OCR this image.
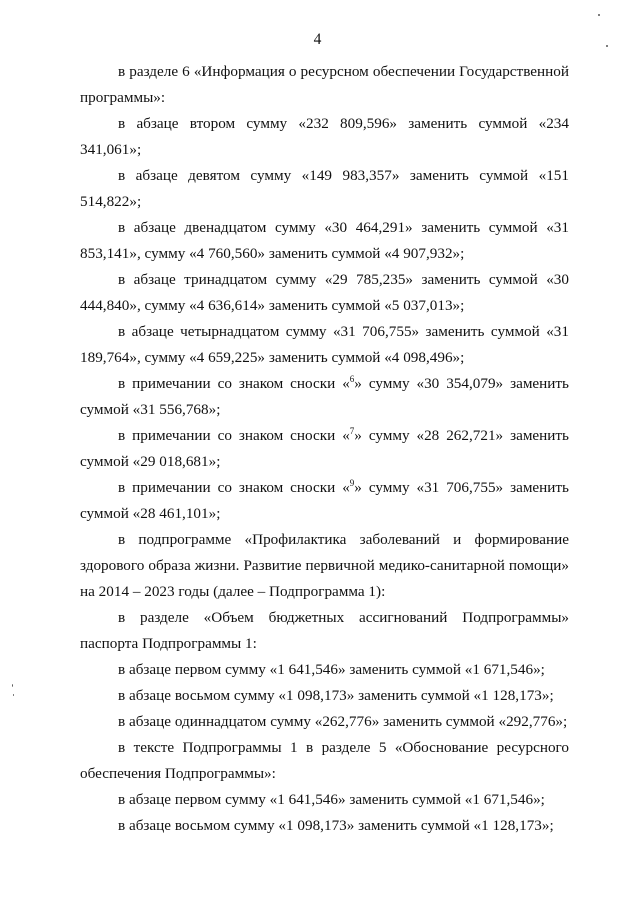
4

в разделе 6 «Информация о ресурсном обеспечении Государственной программы»:

в абзаце втором сумму «232 809,596» заменить суммой «234 341,061»;

в абзаце девятом сумму «149 983,357» заменить суммой «151 514,822»;

в абзаце двенадцатом сумму «30 464,291» заменить суммой «31 853,141», сумму «4 760,560» заменить суммой «4 907,932»;

в абзаце тринадцатом сумму «29 785,235» заменить суммой «30 444,840», сумму «4 636,614» заменить суммой «5 037,013»;

в абзаце четырнадцатом сумму «31 706,755» заменить суммой «31 189,764», сумму «4 659,225» заменить суммой «4 098,496»;

в примечании со знаком сноски «$^6$» сумму «30 354,079» заменить суммой «31 556,768»;

в примечании со знаком сноски «$^7$» сумму «28 262,721» заменить суммой «29 018,681»;

в примечании со знаком сноски «$^9$» сумму «31 706,755» заменить суммой «28 461,101»;

в подпрограмме «Профилактика заболеваний и формирование здорового образа жизни. Развитие первичной медико-санитарной помощи» на 2014 – 2023 годы (далее – Подпрограмма 1):

в разделе «Объем бюджетных ассигнований Подпрограммы» паспорта Подпрограммы 1:

в абзаце первом сумму «1 641,546» заменить суммой «1 671,546»;

в абзаце восьмом сумму «1 098,173» заменить суммой «1 128,173»;

в абзаце одиннадцатом сумму «262,776» заменить суммой «292,776»;

в тексте Подпрограммы 1 в разделе 5 «Обоснование ресурсного обеспечения Подпрограммы»:

в абзаце первом сумму «1 641,546» заменить суммой «1 671,546»;

в абзаце восьмом сумму «1 098,173» заменить суммой «1 128,173»;
